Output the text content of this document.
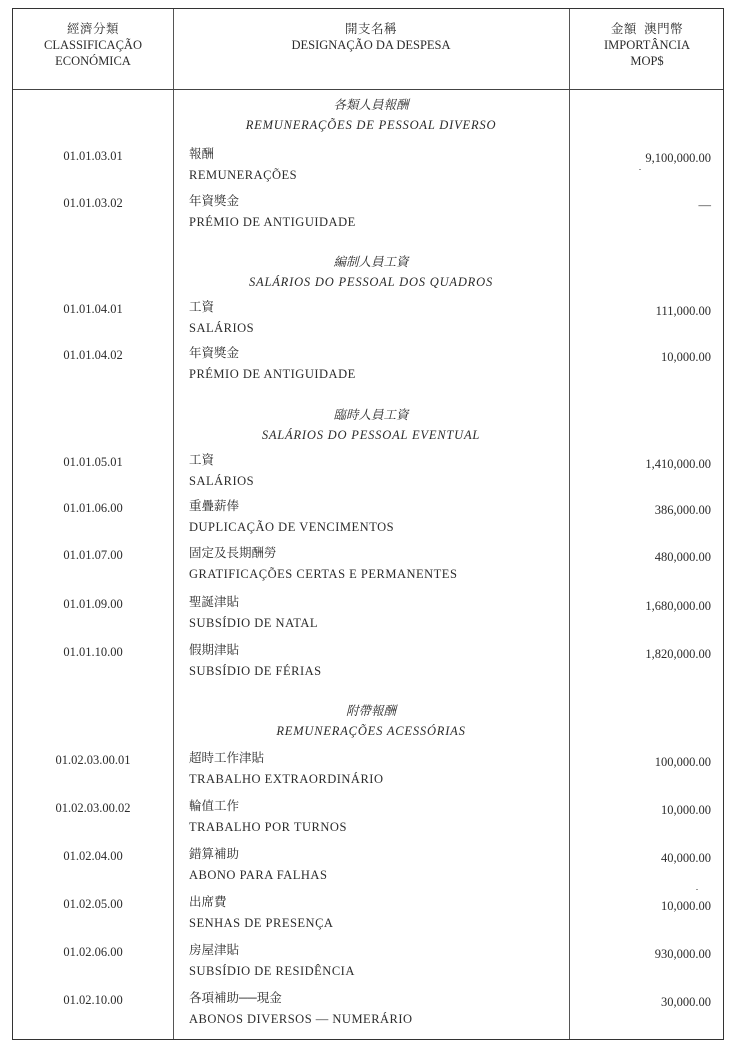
經濟分類
CLASSIFICAÇÃO
ECONÓMICA
開支名稱
DESIGNAÇÃO DA DESPESA
金額  澳門幣
IMPORTÂNCIA
MOP$
各類人員報酬
REMUNERAÇÕES DE PESSOAL DIVERSO
編制人員工資
SALÁRIOS DO PESSOAL DOS QUADROS
臨時人員工資
SALÁRIOS DO PESSOAL EVENTUAL
附帶報酬
REMUNERAÇÕES ACESSÓRIAS
01.01.03.01
01.01.03.02
01.01.04.01
01.01.04.02
01.01.05.01
01.01.06.00
01.01.07.00
01.01.09.00
01.01.10.00
01.02.03.00.01
01.02.03.00.02
01.02.04.00
01.02.05.00
01.02.06.00
01.02.10.00
報酬
REMUNERAÇÕES
年資獎金
PRÉMIO DE ANTIGUIDADE
工資
SALÁRIOS
年資獎金
PRÉMIO DE ANTIGUIDADE
工資
SALÁRIOS
重疊薪俸
DUPLICAÇÃO DE VENCIMENTOS
固定及長期酬勞
GRATIFICAÇÕES CERTAS E PERMANENTES
聖誕津貼
SUBSÍDIO DE NATAL
假期津貼
SUBSÍDIO DE FÉRIAS
超時工作津貼
TRABALHO EXTRAORDINÁRIO
輪值工作
TRABALHO POR TURNOS
錯算補助
ABONO PARA FALHAS
出席費
SENHAS DE PRESENÇA
房屋津貼
SUBSÍDIO DE RESIDÊNCIA
各項補助──現金
ABONOS DIVERSOS — NUMERÁRIO
9,100,000.00
—
111,000.00
10,000.00
1,410,000.00
386,000.00
480,000.00
1,680,000.00
1,820,000.00
100,000.00
10,000.00
40,000.00
10,000.00
930,000.00
30,000.00
